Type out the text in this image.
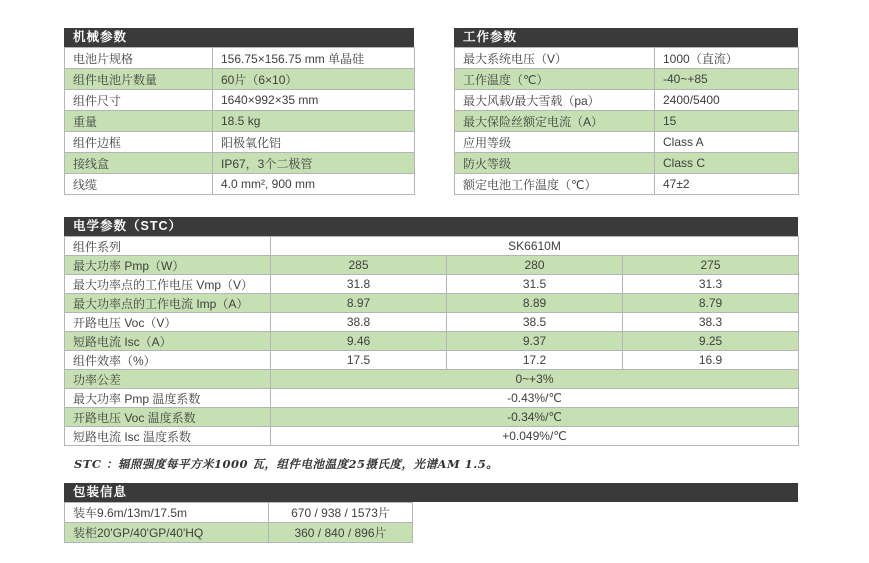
机械参数
电池片规格	156.75×156.75 mm 单晶硅
组件电池片数量	60片（6×10）
组件尺寸	1640×992×35 mm
重量	18.5 kg
组件边框	阳极氧化铝
接线盒	IP67，3个二极管
线缆	4.0 mm², 900 mm
工作参数
最大系统电压（V）	1000（直流）
工作温度（℃）	-40~+85
最大风载/最大雪载（pa）	2400/5400
最大保险丝额定电流（A）	15
应用等级	Class A
防火等级	Class C
额定电池工作温度（℃）	47±2
电学参数（STC）
组件系列	SK6610M		
最大功率 Pmp（W）	285	280	275
最大功率点的工作电压 Vmp（V）	31.8	31.5	31.3
最大功率点的工作电流 Imp（A）	8.97	8.89	8.79
开路电压 Voc（V）	38.8	38.5	38.3
短路电流 Isc（A）	9.46	9.37	9.25
组件效率（%）	17.5	17.2	16.9
功率公差	0~+3%		
最大功率 Pmp 温度系数	-0.43%/℃		
开路电压 Voc 温度系数	-0.34%/℃		
短路电流 Isc 温度系数	+0.049%/℃		
STC ：辐照强度每平方米1000 瓦，组件电池温度25摄氏度，光谱AM 1.5。
包装信息
装车9.6m/13m/17.5m	670 / 938 / 1573片
装柜20'GP/40'GP/40'HQ	360 / 840 / 896片
